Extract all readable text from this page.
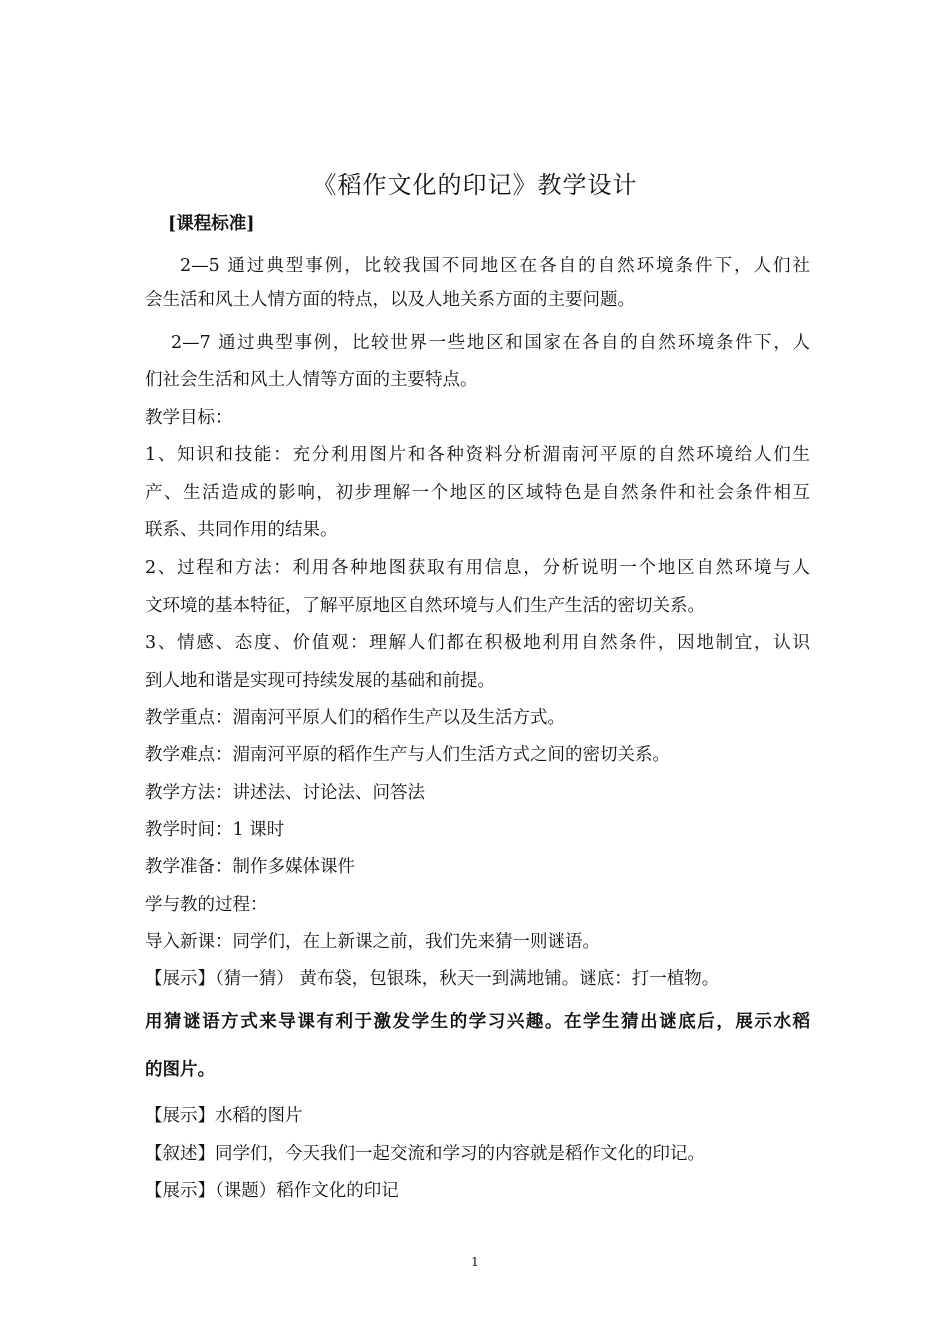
《稻作文化的印记》教学设计
[课程标准]
2—5 通过典型事例，比较我国不同地区在各自的自然环境条件下，人们社
会生活和风土人情方面的特点，以及人地关系方面的主要问题。
2—7 通过典型事例，比较世界一些地区和国家在各自的自然环境条件下，人
们社会生活和风土人情等方面的主要特点。
教学目标：
1、知识和技能：充分利用图片和各种资料分析湄南河平原的自然环境给人们生
产、生活造成的影响，初步理解一个地区的区域特色是自然条件和社会条件相互
联系、共同作用的结果。
2、过程和方法：利用各种地图获取有用信息，分析说明一个地区自然环境与人
文环境的基本特征，了解平原地区自然环境与人们生产生活的密切关系。
3、情感、态度、价值观：理解人们都在积极地利用自然条件，因地制宜，认识
到人地和谐是实现可持续发展的基础和前提。
教学重点：湄南河平原人们的稻作生产以及生活方式。
教学难点：湄南河平原的稻作生产与人们生活方式之间的密切关系。
教学方法：讲述法、讨论法、问答法
教学时间：1 课时
教学准备：制作多媒体课件
学与教的过程：
导入新课：同学们，在上新课之前，我们先来猜一则谜语。
【展示】（猜一猜） 黄布袋，包银珠，秋天一到满地铺。谜底：打一植物。
用猜谜语方式来导课有利于激发学生的学习兴趣。在学生猜出谜底后，展示水稻
的图片。
【展示】水稻的图片
【叙述】同学们，今天我们一起交流和学习的内容就是稻作文化的印记。
【展示】（课题）稻作文化的印记
1
